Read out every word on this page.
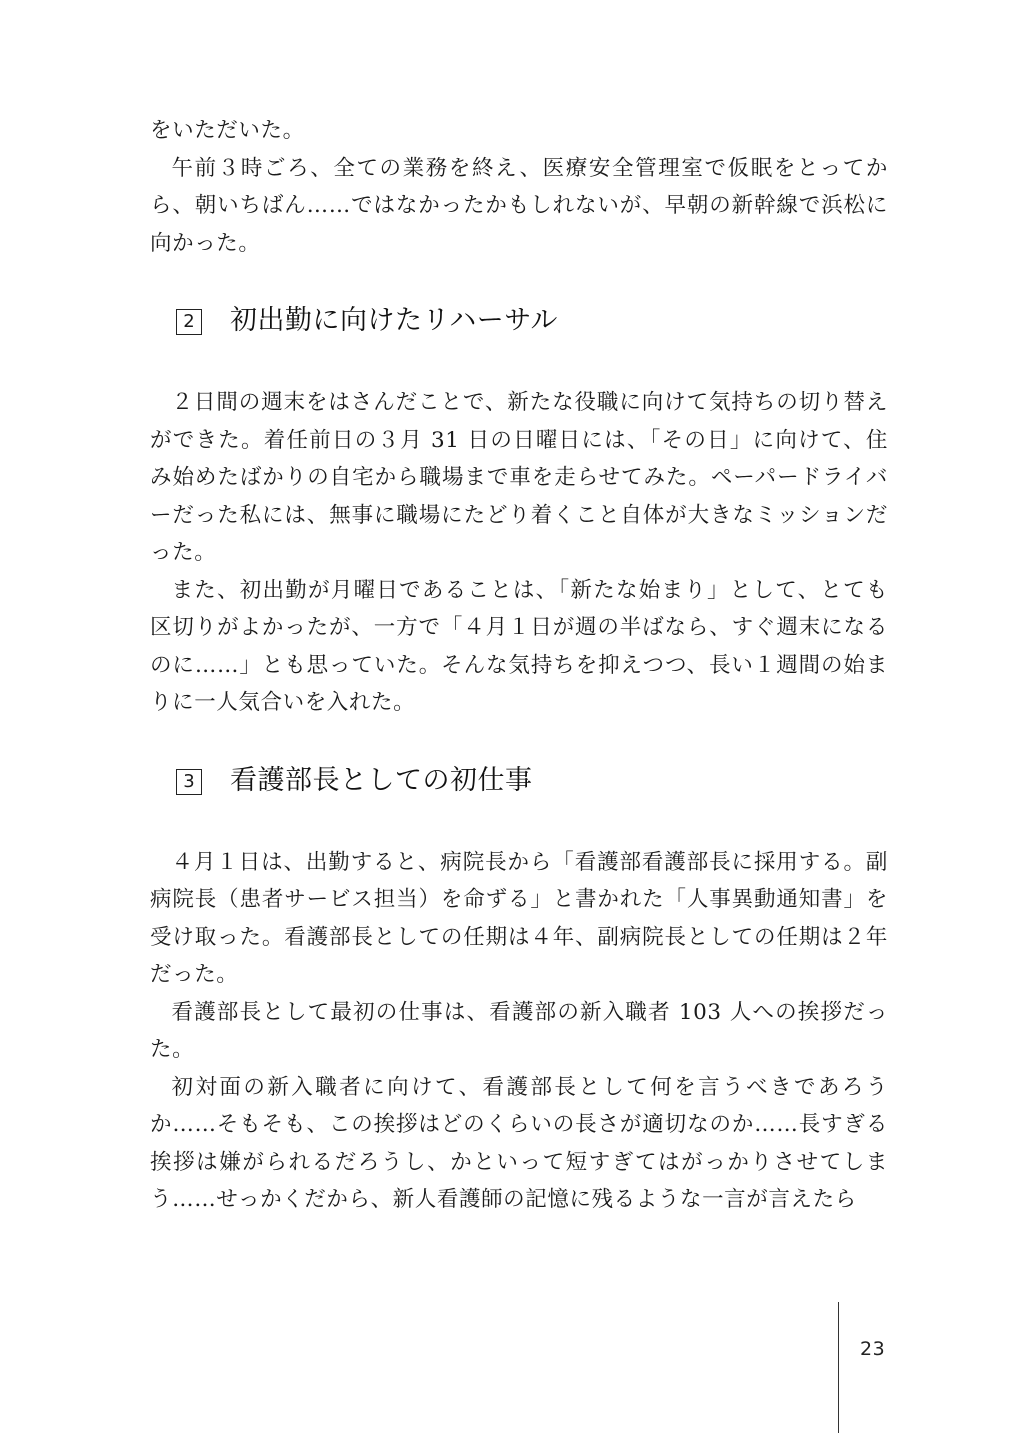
をいただいた。

午前３時ごろ、全ての業務を終え、医療安全管理室で仮眠をとってから、朝いちばん……ではなかったかもしれないが、早朝の新幹線で浜松に向かった。

2 初出勤に向けたリハーサル

２日間の週末をはさんだことで、新たな役職に向けて気持ちの切り替えができた。着任前日の３月 31 日の日曜日には、「その日」に向けて、住み始めたばかりの自宅から職場まで車を走らせてみた。ペーパードライバーだった私には、無事に職場にたどり着くこと自体が大きなミッションだった。

また、初出勤が月曜日であることは、「新たな始まり」として、とても区切りがよかったが、一方で「４月１日が週の半ばなら、すぐ週末になるのに……」とも思っていた。そんな気持ちを抑えつつ、長い１週間の始まりに一人気合いを入れた。

3 看護部長としての初仕事

４月１日は、出勤すると、病院長から「看護部看護部長に採用する。副病院長（患者サービス担当）を命ずる」と書かれた「人事異動通知書」を受け取った。看護部長としての任期は４年、副病院長としての任期は２年だった。

看護部長として最初の仕事は、看護部の新入職者 103 人への挨拶だった。

初対面の新入職者に向けて、看護部長として何を言うべきであろうか……そもそも、この挨拶はどのくらいの長さが適切なのか……長すぎる挨拶は嫌がられるだろうし、かといって短すぎてはがっかりさせてしまう……せっかくだから、新人看護師の記憶に残るような一言が言えたら

23
